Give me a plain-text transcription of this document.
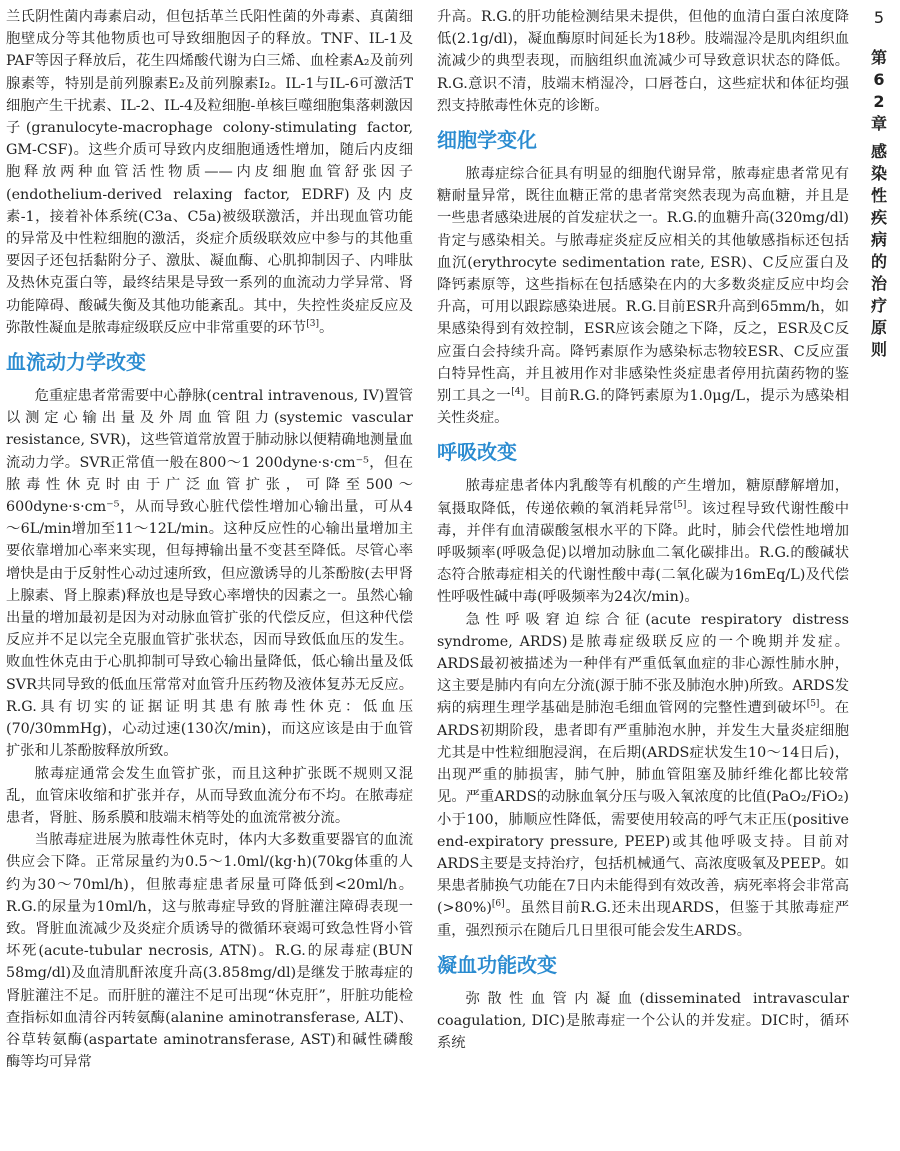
兰氏阴性菌内毒素启动，但包括革兰氏阳性菌的外毒素、真菌细胞壁成分等其他物质也可导致细胞因子的释放。TNF、IL-1及PAF等因子释放后，花生四烯酸代谢为白三烯、血栓素A₂及前列腺素等，特别是前列腺素E₂及前列腺素I₂。IL-1与IL-6可激活T细胞产生干扰素、IL-2、IL-4及粒细胞-单核巨噬细胞集落刺激因子(granulocyte-macrophage colony-stimulating factor, GM-CSF)。这些介质可导致内皮细胞通透性增加，随后内皮细胞释放两种血管活性物质——内皮细胞血管舒张因子(endothelium-derived relaxing factor, EDRF)及内皮素-1，接着补体系统(C3a、C5a)被级联激活，并出现血管功能的异常及中性粒细胞的激活，炎症介质级联效应中参与的其他重要因子还包括黏附分子、激肽、凝血酶、心肌抑制因子、内啡肽及热休克蛋白等，最终结果是导致一系列的血流动力学异常、肾功能障碍、酸碱失衡及其他功能紊乱。其中，失控性炎症反应及弥散性凝血是脓毒症级联反应中非常重要的环节[3]。

血流动力学改变

危重症患者常需要中心静脉(central intravenous, IV)置管以测定心输出量及外周血管阻力(systemic vascular resistance, SVR)，这些管道常放置于肺动脉以便精确地测量血流动力学。SVR正常值一般在800～1 200dyne·s·cm⁻⁵，但在脓毒性休克时由于广泛血管扩张，可降至500～600dyne·s·cm⁻⁵，从而导致心脏代偿性增加心输出量，可从4～6L/min增加至11～12L/min。这种反应性的心输出量增加主要依靠增加心率来实现，但每搏输出量不变甚至降低。尽管心率增快是由于反射性心动过速所致，但应激诱导的儿茶酚胺(去甲肾上腺素、肾上腺素)释放也是导致心率增快的因素之一。虽然心输出量的增加最初是因为对动脉血管扩张的代偿反应，但这种代偿反应并不足以完全克服血管扩张状态，因而导致低血压的发生。败血性休克由于心肌抑制可导致心输出量降低，低心输出量及低SVR共同导致的低血压常常对血管升压药物及液体复苏无反应。R.G.具有切实的证据证明其患有脓毒性休克：低血压(70/30mmHg)，心动过速(130次/min)，而这应该是由于血管扩张和儿茶酚胺释放所致。

脓毒症通常会发生血管扩张，而且这种扩张既不规则又混乱，血管床收缩和扩张并存，从而导致血流分布不均。在脓毒症患者，肾脏、肠系膜和肢端末梢等处的血流常被分流。

当脓毒症进展为脓毒性休克时，体内大多数重要器官的血流供应会下降。正常尿量约为0.5～1.0ml/(kg·h)(70kg体重的人约为30～70ml/h)，但脓毒症患者尿量可降低到<20ml/h。R.G.的尿量为10ml/h，这与脓毒症导致的肾脏灌注障碍表现一致。肾脏血流减少及炎症介质诱导的微循环衰竭可致急性肾小管坏死(acute-tubular necrosis, ATN)。R.G.的尿毒症(BUN 58mg/dl)及血清肌酐浓度升高(3.858mg/dl)是继发于脓毒症的肾脏灌注不足。而肝脏的灌注不足可出现“休克肝”，肝脏功能检查指标如血清谷丙转氨酶(alanine aminotransferase, ALT)、谷草转氨酶(aspartate aminotransferase, AST)和碱性磷酸酶等均可异常

升高。R.G.的肝功能检测结果未提供，但他的血清白蛋白浓度降低(2.1g/dl)，凝血酶原时间延长为18秒。肢端湿冷是肌肉组织血流减少的典型表现，而脑组织血流减少可导致意识状态的降低。R.G.意识不清，肢端末梢湿冷，口唇苍白，这些症状和体征均强烈支持脓毒性休克的诊断。

细胞学变化

脓毒症综合征具有明显的细胞代谢异常，脓毒症患者常见有糖耐量异常，既往血糖正常的患者常突然表现为高血糖，并且是一些患者感染进展的首发症状之一。R.G.的血糖升高(320mg/dl)肯定与感染相关。与脓毒症炎症反应相关的其他敏感指标还包括血沉(erythrocyte sedimentation rate, ESR)、C反应蛋白及降钙素原等，这些指标在包括感染在内的大多数炎症反应中均会升高，可用以跟踪感染进展。R.G.目前ESR升高到65mm/h，如果感染得到有效控制，ESR应该会随之下降，反之，ESR及C反应蛋白会持续升高。降钙素原作为感染标志物较ESR、C反应蛋白特异性高，并且被用作对非感染性炎症患者停用抗菌药物的鉴别工具之一[4]。目前R.G.的降钙素原为1.0μg/L，提示为感染相关性炎症。

呼吸改变

脓毒症患者体内乳酸等有机酸的产生增加，糖原酵解增加，氧摄取降低，传递依赖的氧消耗异常[5]。该过程导致代谢性酸中毒，并伴有血清碳酸氢根水平的下降。此时，肺会代偿性地增加呼吸频率(呼吸急促)以增加动脉血二氧化碳排出。R.G.的酸碱状态符合脓毒症相关的代谢性酸中毒(二氧化碳为16mEq/L)及代偿性呼吸性碱中毒(呼吸频率为24次/min)。

急性呼吸窘迫综合征(acute respiratory distress syndrome, ARDS)是脓毒症级联反应的一个晚期并发症。ARDS最初被描述为一种伴有严重低氧血症的非心源性肺水肿，这主要是肺内有向左分流(源于肺不张及肺泡水肿)所致。ARDS发病的病理生理学基础是肺泡毛细血管网的完整性遭到破坏[5]。在ARDS初期阶段，患者即有严重肺泡水肿，并发生大量炎症细胞尤其是中性粒细胞浸润，在后期(ARDS症状发生10～14日后)，出现严重的肺损害，肺气肿，肺血管阻塞及肺纤维化都比较常见。严重ARDS的动脉血氧分压与吸入氧浓度的比值(PaO₂/FiO₂)小于100，肺顺应性降低，需要使用较高的呼气末正压(positive end-expiratory pressure, PEEP)或其他呼吸支持。目前对ARDS主要是支持治疗，包括机械通气、高浓度吸氧及PEEP。如果患者肺换气功能在7日内未能得到有效改善，病死率将会非常高(>80%)[6]。虽然目前R.G.还未出现ARDS，但鉴于其脓毒症严重，强烈预示在随后几日里很可能会发生ARDS。

凝血功能改变

弥散性血管内凝血(disseminated intravascular coagulation, DIC)是脓毒症一个公认的并发症。DIC时，循环系统

5
第62章
感染性疾病的治疗原则
